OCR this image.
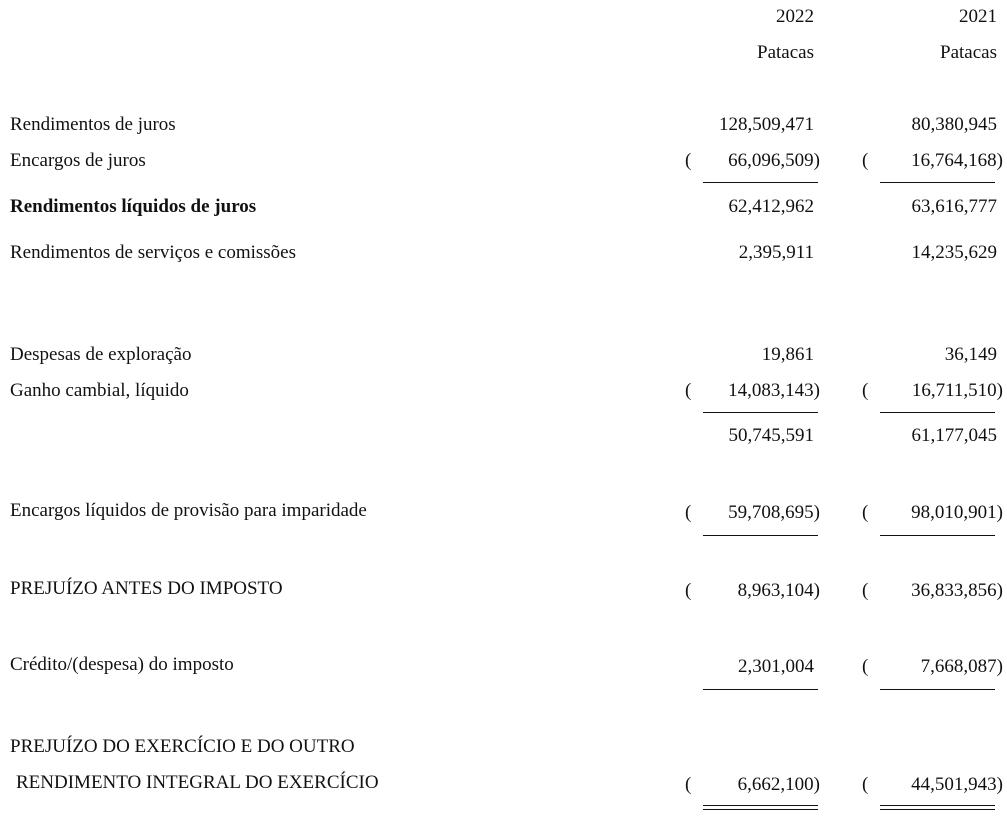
2022	2021
Patacas	Patacas
Rendimentos de juros	128,509,471	80,380,945
Encargos de juros	( 66,096,509) ( 16,764,168)
Rendimentos líquidos de juros	62,412,962	63,616,777
Rendimentos de serviços e comissões	2,395,911	14,235,629
Despesas de exploração	19,861	36,149
Ganho cambial, líquido	( 14,083,143) ( 16,711,510)
50,745,591	61,177,045
Encargos líquidos de provisão para imparidade	( 59,708,695) ( 98,010,901)
PREJUÍZO ANTES DO IMPOSTO	( 8,963,104) ( 36,833,856)
Crédito/(despesa) do imposto	2,301,004	(	7,668,087)
PREJUÍZO DO EXERCÍCIO E DO OUTRO
RENDIMENTO INTEGRAL DO EXERCÍCIO	( 6,662,100) ( 44,501,943)
